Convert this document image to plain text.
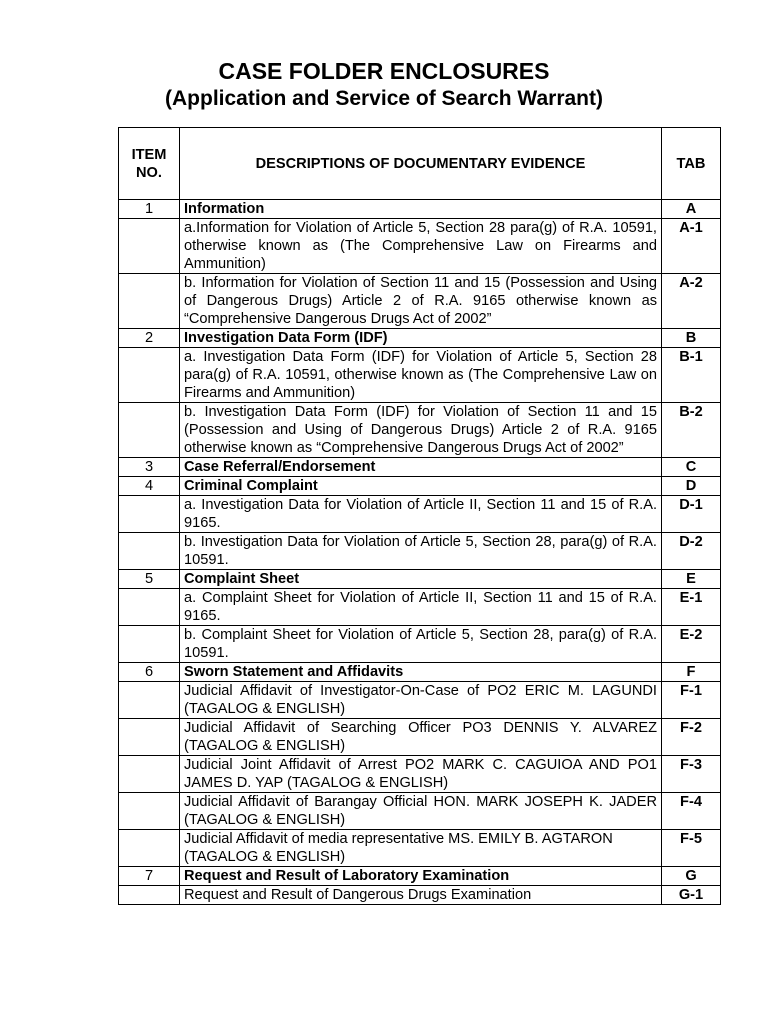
CASE FOLDER ENCLOSURES
(Application and Service of Search Warrant)
ITEM
NO.	DESCRIPTIONS OF DOCUMENTARY EVIDENCE	TAB
1	Information	A
	a.Information for Violation of Article 5, Section 28 para(g) of R.A. 10591, otherwise known as (The Comprehensive Law on Firearms and Ammunition)	A-1
	b. Information for Violation of Section 11 and 15 (Possession and Using of Dangerous Drugs) Article 2 of R.A. 9165 otherwise known as “Comprehensive Dangerous Drugs Act of 2002”	A-2
2	Investigation Data Form (IDF)	B
	a. Investigation Data Form (IDF) for Violation of Article 5, Section 28 para(g) of R.A. 10591, otherwise known as (The Comprehensive Law on Firearms and Ammunition)	B-1
	b. Investigation Data Form (IDF) for Violation of Section 11 and 15 (Possession and Using of Dangerous Drugs) Article 2 of R.A. 9165 otherwise known as “Comprehensive Dangerous Drugs Act of 2002”	B-2
3	Case Referral/Endorsement	C
4	Criminal Complaint	D
	a. Investigation Data for Violation of Article II, Section 11 and 15 of R.A. 9165.	D-1
	b. Investigation Data for Violation of Article 5, Section 28, para(g) of R.A. 10591.	D-2
5	Complaint Sheet	E
	a. Complaint Sheet for Violation of Article II, Section 11 and 15 of R.A. 9165.	E-1
	b. Complaint Sheet for Violation of Article 5, Section 28, para(g) of R.A. 10591.	E-2
6	Sworn Statement and Affidavits	F
	Judicial Affidavit of Investigator-On-Case of PO2 ERIC M. LAGUNDI (TAGALOG & ENGLISH)	F-1
	Judicial Affidavit of Searching Officer PO3 DENNIS Y. ALVAREZ (TAGALOG & ENGLISH)	F-2
	Judicial Joint Affidavit of Arrest PO2 MARK C. CAGUIOA AND PO1 JAMES D. YAP (TAGALOG & ENGLISH)	F-3
	Judicial Affidavit of Barangay Official HON. MARK JOSEPH K. JADER (TAGALOG & ENGLISH)	F-4
	Judicial Affidavit of media representative MS. EMILY B. AGTARON (TAGALOG & ENGLISH)	F-5
7	Request and Result of Laboratory Examination	G
	Request and Result of Dangerous Drugs Examination	G-1
